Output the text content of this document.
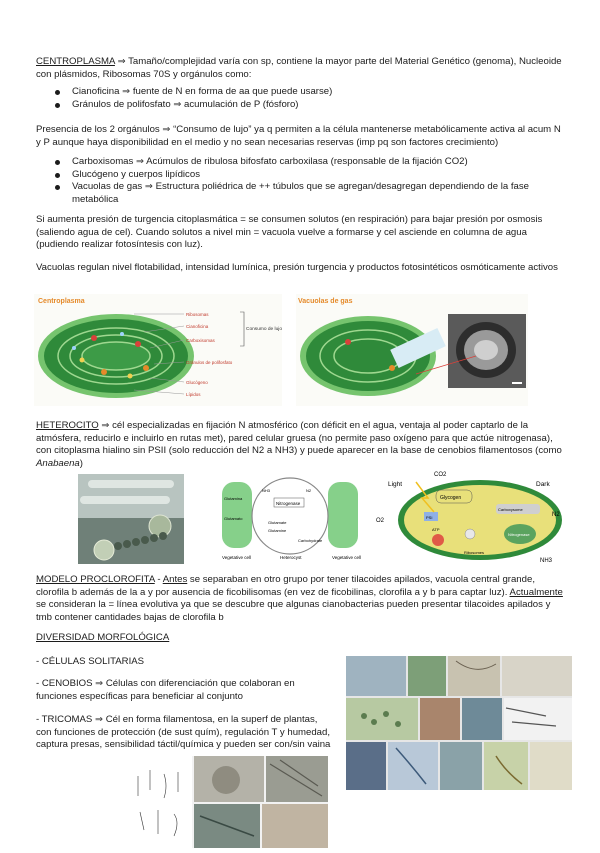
CENTROPLASMA ⇒ Tamaño/complejidad varía con sp, contiene la mayor parte del Material Genético (genoma), Nucleoide con plásmidos, Ribosomas 70S y orgánulos como:

Cianoficina ⇒ fuente de N en forma de aa que puede usarse)
Gránulos de polifosfato ⇒ acumulación de P (fósforo)

Presencia de los 2 orgánulos ⇒ “Consumo de lujo” ya q permiten a la célula mantenerse metabólicamente activa al acum N y P aunque haya disponibilidad en el medio y no sean necesarias reservas (imp pq son factores crecimiento)

Carboxisomas ⇒ Acúmulos de ribulosa bifosfato carboxilasa (responsable de la fijación CO2)
Glucógeno y cuerpos lipídicos
Vacuolas de gas ⇒ Estructura poliédrica de ++ túbulos que se agregan/desagregan dependiendo de la fase metabólica

Si aumenta presión de turgencia citoplasmática = se consumen solutos (en respiración) para bajar presión por osmosis (saliendo agua de cel). Cuando solutos a nivel min = vacuola vuelve a formarse y cel asciende en columna de agua (pudiendo realizar fotosíntesis con luz).

Vacuolas regulan nivel flotabilidad, intensidad lumínica, presión turgencia y productos fotosintéticos osmóticamente activos

Centroplasma
Ribosomas
Cianoficina
Carboxisomas
Gránulos de polifosfato
Glucógeno
Lípidos
Consumo de lujo
Vacuolas de gas

HETEROCITO ⇒ cél especializadas en fijación N atmosférico (con déficit en el agua, ventaja al poder captarlo de la atmósfera, reducirlo e incluirlo en rutas met), pared celular gruesa (no permite paso oxígeno para que actúe nitrogenasa), con citoplasma hialino sin PSII (solo reducción del N2 a NH3) y puede aparecer en la base de cenobios filamentosos (como Anabaena)

Nitrogenase
NH3	N2
Glutamato
Glutamina
Glutamate
Glutamine
Carbohydrate
Vegetative cell	Heterocyst	Vegetative cell
Light	Dark
CO2
Glycogen
PSI
ATP
Nitrogenase
Carboxysome
Ribosomes
N2
NH3
O2

MODELO PROCLOROFITA - Antes se separaban en otro grupo por tener tilacoides apilados, vacuola central grande, clorofila b además de la a y por ausencia de ficobilisomas (en vez de ficobilinas, clorofila a y b para captar luz). Actualmente se consideran la = línea evolutiva ya que se descubre que algunas cianobacterias pueden presentar tilacoides apilados y tmb contener cantidades bajas de clorofila b

DIVERSIDAD MORFOLÓGICA
- CÉLULAS SOLITARIAS

- CENOBIOS ⇒ Células con diferenciación que colaboran en funciones específicas para beneficiar al conjunto

- TRICOMAS ⇒ Cél en forma filamentosa, en la superf de plantas, con funciones de protección (de sust quím), regulación T y humedad, captura presas, sensibilidad táctil/química y pueden ser con/sin vaina
